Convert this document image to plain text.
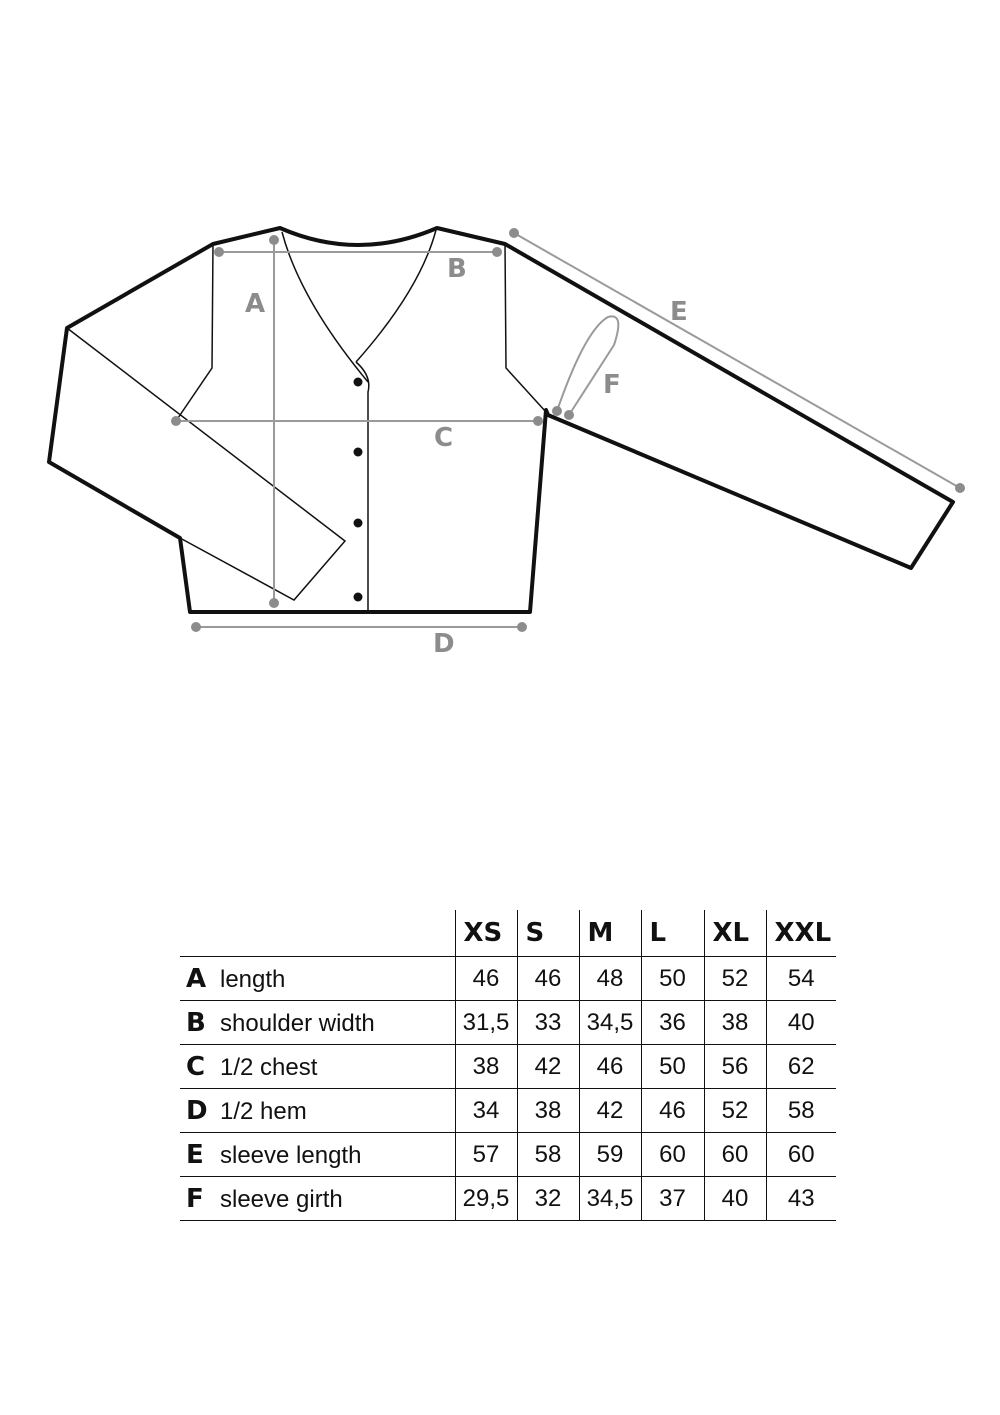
A
B
C
D
E
F
	XS	S	M	L	XL	XXL
A length	46	46	48	50	52	54
B shoulder width	31,5	33	34,5	36	38	40
C 1/2 chest	38	42	46	50	56	62
D 1/2 hem	34	38	42	46	52	58
E sleeve length	57	58	59	60	60	60
F sleeve girth	29,5	32	34,5	37	40	43
